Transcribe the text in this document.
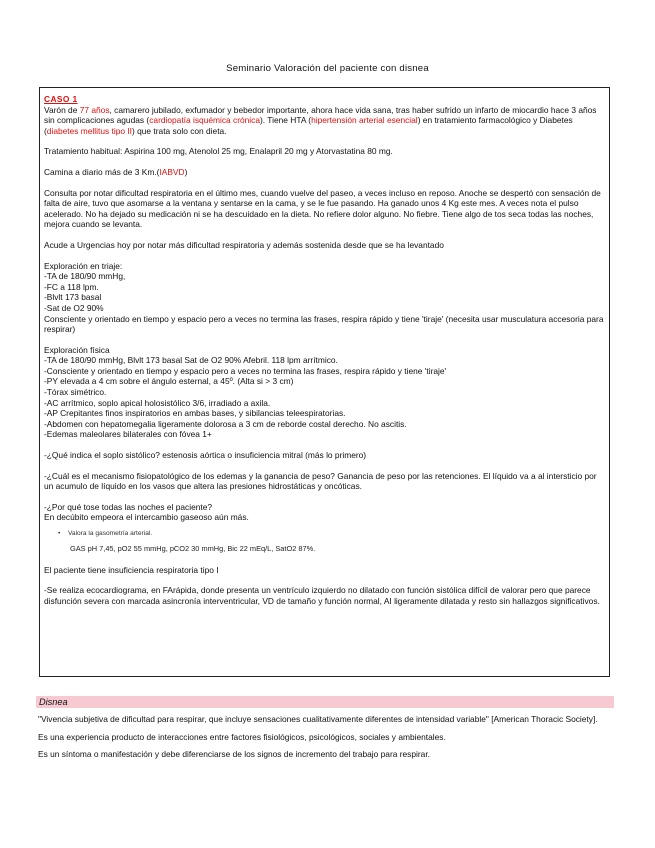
Seminario Valoración del paciente con disnea

CASO 1

Varón de 77 años, camarero jubilado, exfumador y bebedor importante, ahora hace vida sana, tras haber sufrido un infarto de miocardio hace 3 años sin complicaciones agudas (cardiopatía isquémica crónica). Tiene HTA (hipertensión arterial esencial) en tratamiento farmacológico y Diabetes (diabetes mellitus tipo II) que trata solo con dieta.

Tratamiento habitual: Aspirina 100 mg, Atenolol 25 mg, Enalapril 20 mg y Atorvastatina 80 mg.

Camina a diario más de 3 Km.(IABVD)

Consulta por notar dificultad respiratoria en el último mes, cuando vuelve del paseo, a veces incluso en reposo. Anoche se despertó con sensación de falta de aire, tuvo que asomarse a la ventana y sentarse en la cama, y se le fue pasando. Ha ganado unos 4 Kg este mes. A veces nota el pulso acelerado. No ha dejado su medicación ni se ha descuidado en la dieta. No refiere dolor alguno. No fiebre. Tiene algo de tos seca todas las noches, mejora cuando se levanta.

Acude a Urgencias hoy por notar más dificultad respiratoria y además sostenida desde que se ha levantado

Exploración en triaje:

-TA de 180/90 mmHg,

-FC a 118 lpm.

-Blvlt 173 basal

-Sat de O2 90%

Consciente y orientado en tiempo y espacio pero a veces no termina las frases, respira rápido y tiene 'tiraje' (necesita usar musculatura accesoria para respirar)

Exploración física

-TA de 180/90 mmHg, Blvlt 173 basal Sat de O2 90% Afebril. 118 lpm arrítmico.

-Consciente y orientado en tiempo y espacio pero a veces no termina las frases, respira rápido y tiene 'tiraje'

-PY elevada a 4 cm sobre el ángulo esternal, a 45º. (Alta si > 3 cm)

-Tórax simétrico.

-AC arrítmico, soplo apical holosistólico 3/6, irradiado a axila.

-AP Crepitantes finos inspiratorios en ambas bases, y sibilancias teleespiratorias.

-Abdomen con hepatomegalia ligeramente dolorosa a 3 cm de reborde costal derecho. No ascitis.

-Edemas maleolares bilaterales con fóvea 1+

-¿Qué indica el soplo sistólico? estenosis aórtica o insuficiencia mitral (más lo primero)

-¿Cuál es el mecanismo fisiopatológico de los edemas y la ganancia de peso? Ganancia de peso por las retenciones. El líquido va a al intersticio por un acumulo de líquido en los vasos que altera las presiones hidrostáticas y oncóticas.

-¿Por qué tose todas las noches el paciente?

En decúbito empeora el intercambio gaseoso aún más.

• Valora la gasometría arterial.

GAS pH 7,45, pO2 55 mmHg, pCO2 30 mmHg, Bic 22 mEq/L, SatO2 87%.

El paciente tiene insuficiencia respiratoria tipo I

-Se realiza ecocardiograma, en FArápida, donde presenta un ventrículo izquierdo no dilatado con función sistólica difícil de valorar pero que parece disfunción severa con marcada asincronía interventricular, VD de tamaño y función normal, AI ligeramente dilatada y resto sin hallazgos significativos.

Disnea

"Vivencia subjetiva de dificultad para respirar, que incluye sensaciones cualitativamente diferentes de intensidad variable" [American Thoracic Society].

Es una experiencia producto de interacciones entre factores fisiológicos, psicológicos, sociales y ambientales.

Es un síntoma o manifestación y debe diferenciarse de los signos de incremento del trabajo para respirar.
